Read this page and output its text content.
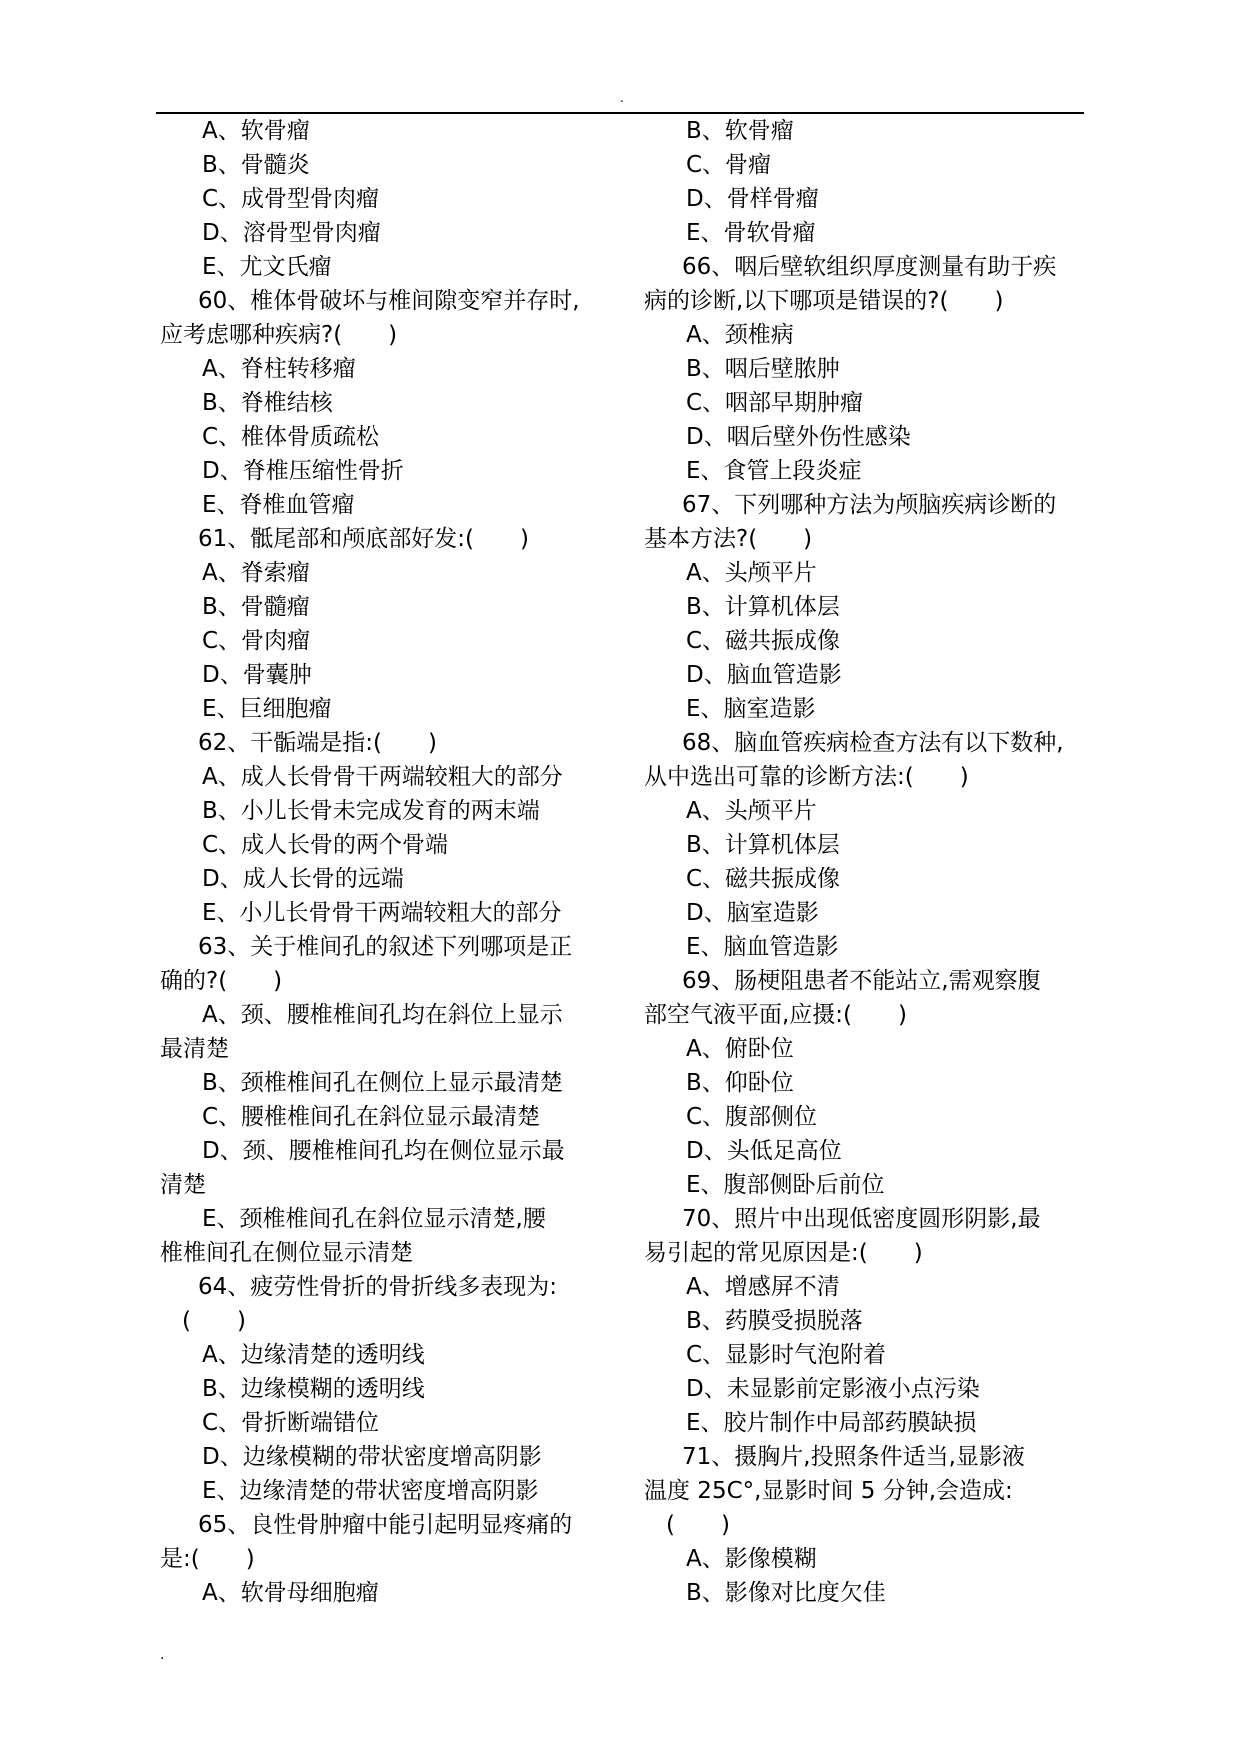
.
A、软骨瘤
B、骨髓炎
C、成骨型骨肉瘤
D、溶骨型骨肉瘤
E、尤文氏瘤
60、椎体骨破坏与椎间隙变窄并存时,
应考虑哪种疾病?(　　)
A、脊柱转移瘤
B、脊椎结核
C、椎体骨质疏松
D、脊椎压缩性骨折
E、脊椎血管瘤
61、骶尾部和颅底部好发:(　　)
A、脊索瘤
B、骨髓瘤
C、骨肉瘤
D、骨囊肿
E、巨细胞瘤
62、干骺端是指:(　　)
A、成人长骨骨干两端较粗大的部分
B、小儿长骨未完成发育的两末端
C、成人长骨的两个骨端
D、成人长骨的远端
E、小儿长骨骨干两端较粗大的部分
63、关于椎间孔的叙述下列哪项是正
确的?(　　)
A、颈、腰椎椎间孔均在斜位上显示
最清楚
B、颈椎椎间孔在侧位上显示最清楚
C、腰椎椎间孔在斜位显示最清楚
D、颈、腰椎椎间孔均在侧位显示最
清楚
E、颈椎椎间孔在斜位显示清楚,腰
椎椎间孔在侧位显示清楚
64、疲劳性骨折的骨折线多表现为:
(　　)
A、边缘清楚的透明线
B、边缘模糊的透明线
C、骨折断端错位
D、边缘模糊的带状密度增高阴影
E、边缘清楚的带状密度增高阴影
65、良性骨肿瘤中能引起明显疼痛的
是:(　　)
A、软骨母细胞瘤
B、软骨瘤
C、骨瘤
D、骨样骨瘤
E、骨软骨瘤
66、咽后壁软组织厚度测量有助于疾
病的诊断,以下哪项是错误的?(　　)
A、颈椎病
B、咽后壁脓肿
C、咽部早期肿瘤
D、咽后壁外伤性感染
E、食管上段炎症
67、下列哪种方法为颅脑疾病诊断的
基本方法?(　　)
A、头颅平片
B、计算机体层
C、磁共振成像
D、脑血管造影
E、脑室造影
68、脑血管疾病检查方法有以下数种,
从中选出可靠的诊断方法:(　　)
A、头颅平片
B、计算机体层
C、磁共振成像
D、脑室造影
E、脑血管造影
69、肠梗阻患者不能站立,需观察腹
部空气液平面,应摄:(　　)
A、俯卧位
B、仰卧位
C、腹部侧位
D、头低足高位
E、腹部侧卧后前位
70、照片中出现低密度圆形阴影,最
易引起的常见原因是:(　　)
A、增感屏不清
B、药膜受损脱落
C、显影时气泡附着
D、未显影前定影液小点污染
E、胶片制作中局部药膜缺损
71、摄胸片,投照条件适当,显影液
温度 25C°,显影时间 5 分钟,会造成:
(　　)
A、影像模糊
B、影像对比度欠佳
.
